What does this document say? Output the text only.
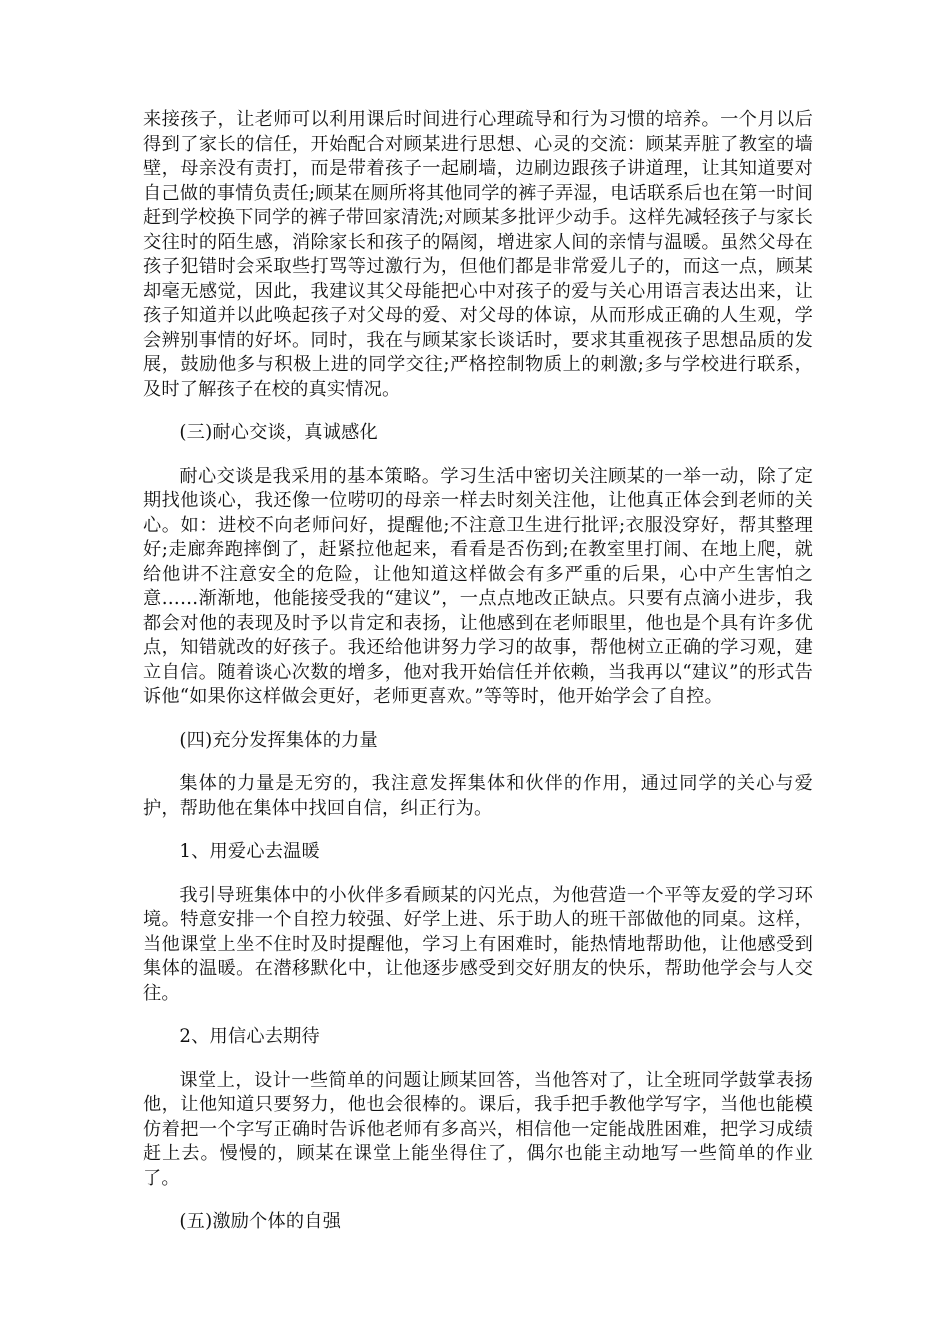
来接孩子，让老师可以利用课后时间进行心理疏导和行为习惯的培养。一个月以后得到了家长的信任，开始配合对顾某进行思想、心灵的交流：顾某弄脏了教室的墙壁，母亲没有责打，而是带着孩子一起刷墙，边刷边跟孩子讲道理，让其知道要对自己做的事情负责任;顾某在厕所将其他同学的裤子弄湿，电话联系后也在第一时间赶到学校换下同学的裤子带回家清洗;对顾某多批评少动手。这样先减轻孩子与家长交往时的陌生感，消除家长和孩子的隔阂，增进家人间的亲情与温暖。虽然父母在孩子犯错时会采取些打骂等过激行为，但他们都是非常爱儿子的，而这一点，顾某却毫无感觉，因此，我建议其父母能把心中对孩子的爱与关心用语言表达出来，让孩子知道并以此唤起孩子对父母的爱、对父母的体谅，从而形成正确的人生观，学会辨别事情的好坏。同时，我在与顾某家长谈话时，要求其重视孩子思想品质的发展，鼓励他多与积极上进的同学交往;严格控制物质上的刺激;多与学校进行联系，及时了解孩子在校的真实情况。

(三)耐心交谈，真诚感化

耐心交谈是我采用的基本策略。学习生活中密切关注顾某的一举一动，除了定期找他谈心，我还像一位唠叨的母亲一样去时刻关注他，让他真正体会到老师的关心。如：进校不向老师问好，提醒他;不注意卫生进行批评;衣服没穿好，帮其整理好;走廊奔跑摔倒了，赶紧拉他起来，看看是否伤到;在教室里打闹、在地上爬，就给他讲不注意安全的危险，让他知道这样做会有多严重的后果，心中产生害怕之意……渐渐地，他能接受我的“建议”，一点点地改正缺点。只要有点滴小进步，我都会对他的表现及时予以肯定和表扬，让他感到在老师眼里，他也是个具有许多优点，知错就改的好孩子。我还给他讲努力学习的故事，帮他树立正确的学习观，建立自信。随着谈心次数的增多，他对我开始信任并依赖，当我再以“建议”的形式告诉他“如果你这样做会更好，老师更喜欢。”等等时，他开始学会了自控。

(四)充分发挥集体的力量

集体的力量是无穷的，我注意发挥集体和伙伴的作用，通过同学的关心与爱护，帮助他在集体中找回自信，纠正行为。

1、用爱心去温暖

我引导班集体中的小伙伴多看顾某的闪光点，为他营造一个平等友爱的学习环境。特意安排一个自控力较强、好学上进、乐于助人的班干部做他的同桌。这样，当他课堂上坐不住时及时提醒他，学习上有困难时，能热情地帮助他，让他感受到集体的温暖。在潜移默化中，让他逐步感受到交好朋友的快乐，帮助他学会与人交往。

2、用信心去期待

课堂上，设计一些简单的问题让顾某回答，当他答对了，让全班同学鼓掌表扬他，让他知道只要努力，他也会很棒的。课后，我手把手教他学写字，当他也能模仿着把一个字写正确时告诉他老师有多高兴，相信他一定能战胜困难，把学习成绩赶上去。慢慢的，顾某在课堂上能坐得住了，偶尔也能主动地写一些简单的作业了。

(五)激励个体的自强
